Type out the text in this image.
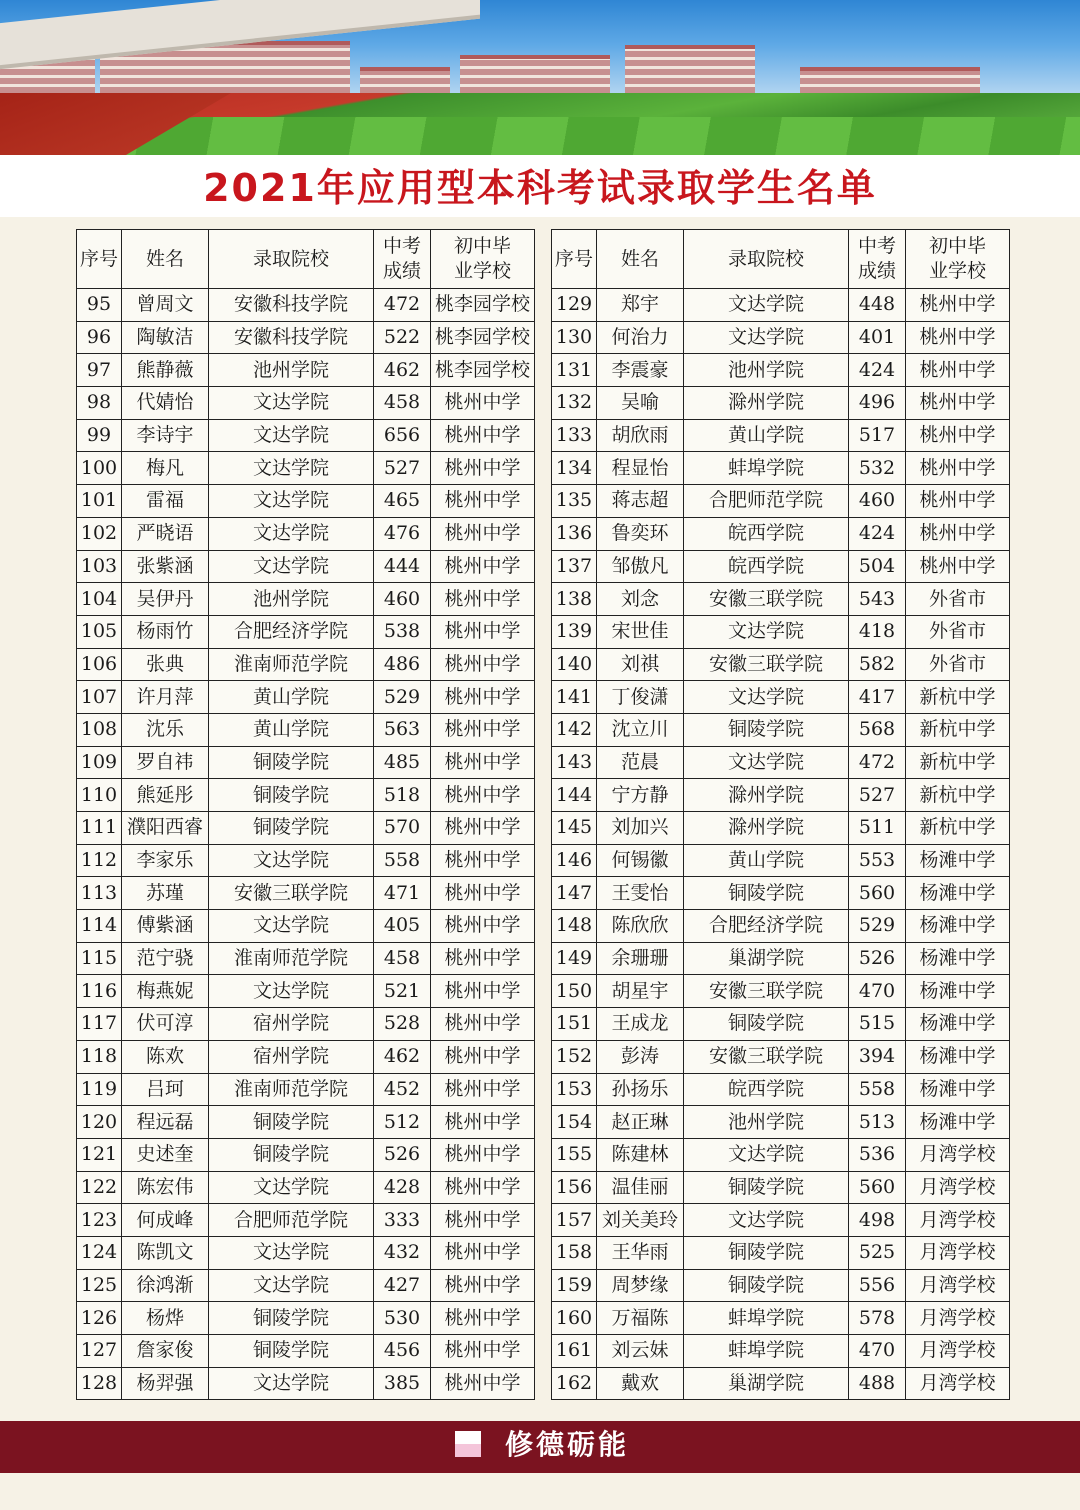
2021年应用型本科考试录取学生名单
序号	姓名	录取院校	中考
成绩	初中毕
业学校
95	曾周文	安徽科技学院	472	桃李园学校
96	陶敏洁	安徽科技学院	522	桃李园学校
97	熊静薇	池州学院	462	桃李园学校
98	代婧怡	文达学院	458	桃州中学
99	李诗宇	文达学院	656	桃州中学
100	梅凡	文达学院	527	桃州中学
101	雷福	文达学院	465	桃州中学
102	严晓语	文达学院	476	桃州中学
103	张紫涵	文达学院	444	桃州中学
104	吴伊丹	池州学院	460	桃州中学
105	杨雨竹	合肥经济学院	538	桃州中学
106	张典	淮南师范学院	486	桃州中学
107	许月萍	黄山学院	529	桃州中学
108	沈乐	黄山学院	563	桃州中学
109	罗自祎	铜陵学院	485	桃州中学
110	熊延彤	铜陵学院	518	桃州中学
111	濮阳西睿	铜陵学院	570	桃州中学
112	李家乐	文达学院	558	桃州中学
113	苏瑾	安徽三联学院	471	桃州中学
114	傅紫涵	文达学院	405	桃州中学
115	范宁骁	淮南师范学院	458	桃州中学
116	梅燕妮	文达学院	521	桃州中学
117	伏可淳	宿州学院	528	桃州中学
118	陈欢	宿州学院	462	桃州中学
119	吕珂	淮南师范学院	452	桃州中学
120	程远磊	铜陵学院	512	桃州中学
121	史述奎	铜陵学院	526	桃州中学
122	陈宏伟	文达学院	428	桃州中学
123	何成峰	合肥师范学院	333	桃州中学
124	陈凯文	文达学院	432	桃州中学
125	徐鸿渐	文达学院	427	桃州中学
126	杨烨	铜陵学院	530	桃州中学
127	詹家俊	铜陵学院	456	桃州中学
128	杨羿强	文达学院	385	桃州中学
序号	姓名	录取院校	中考
成绩	初中毕
业学校
129	郑宇	文达学院	448	桃州中学
130	何治力	文达学院	401	桃州中学
131	李震豪	池州学院	424	桃州中学
132	吴喻	滁州学院	496	桃州中学
133	胡欣雨	黄山学院	517	桃州中学
134	程显怡	蚌埠学院	532	桃州中学
135	蒋志超	合肥师范学院	460	桃州中学
136	鲁奕环	皖西学院	424	桃州中学
137	邹傲凡	皖西学院	504	桃州中学
138	刘念	安徽三联学院	543	外省市
139	宋世佳	文达学院	418	外省市
140	刘祺	安徽三联学院	582	外省市
141	丁俊潇	文达学院	417	新杭中学
142	沈立川	铜陵学院	568	新杭中学
143	范晨	文达学院	472	新杭中学
144	宁方静	滁州学院	527	新杭中学
145	刘加兴	滁州学院	511	新杭中学
146	何锡徽	黄山学院	553	杨滩中学
147	王雯怡	铜陵学院	560	杨滩中学
148	陈欣欣	合肥经济学院	529	杨滩中学
149	余珊珊	巢湖学院	526	杨滩中学
150	胡星宇	安徽三联学院	470	杨滩中学
151	王成龙	铜陵学院	515	杨滩中学
152	彭涛	安徽三联学院	394	杨滩中学
153	孙扬乐	皖西学院	558	杨滩中学
154	赵正琳	池州学院	513	杨滩中学
155	陈建林	文达学院	536	月湾学校
156	温佳丽	铜陵学院	560	月湾学校
157	刘关美玲	文达学院	498	月湾学校
158	王华雨	铜陵学院	525	月湾学校
159	周梦缘	铜陵学院	556	月湾学校
160	万福陈	蚌埠学院	578	月湾学校
161	刘云妹	蚌埠学院	470	月湾学校
162	戴欢	巢湖学院	488	月湾学校
修德砺能
